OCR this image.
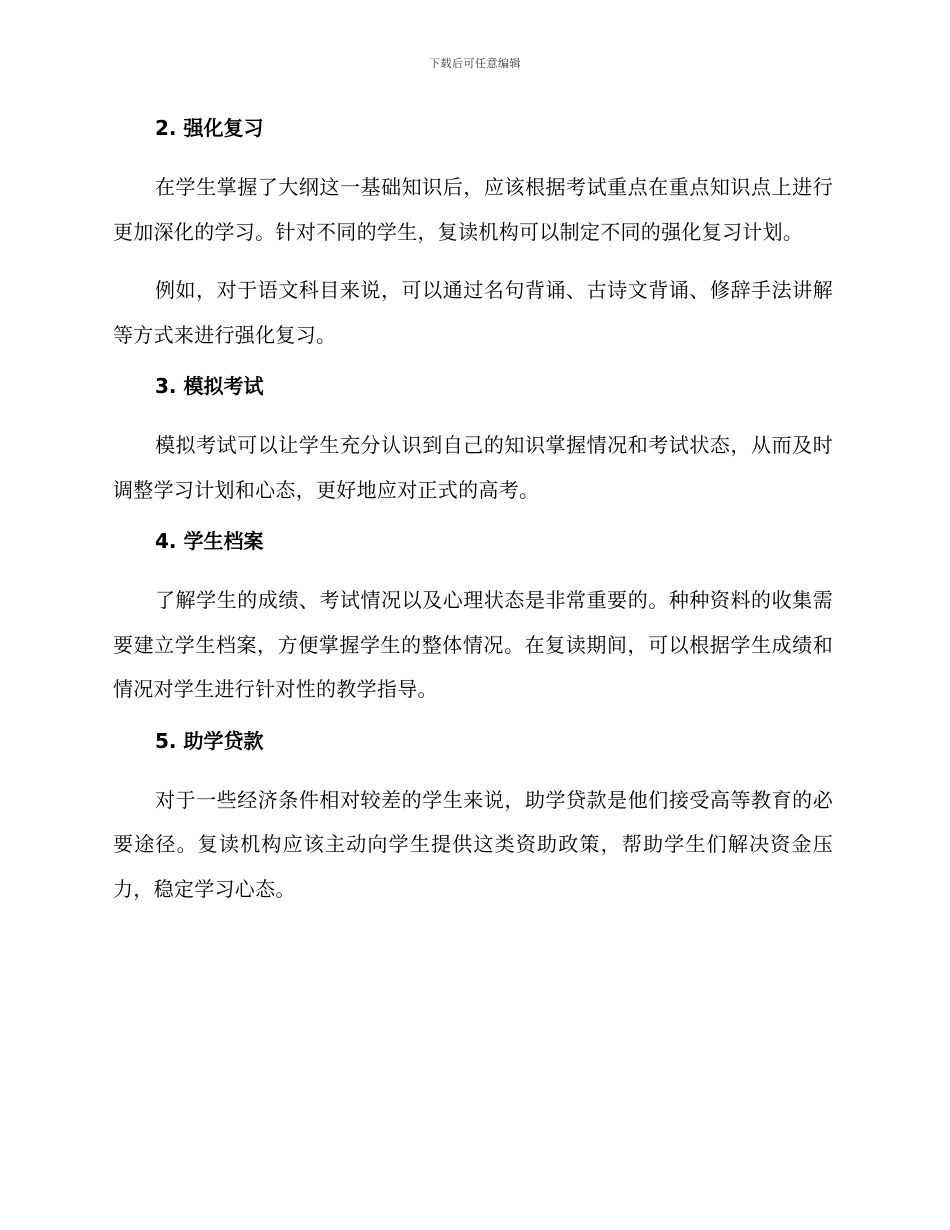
下载后可任意编辑
2. 强化复习

在学生掌握了大纲这一基础知识后，应该根据考试重点在重点知识点上进行更加深化的学习。针对不同的学生，复读机构可以制定不同的强化复习计划。

例如，对于语文科目来说，可以通过名句背诵、古诗文背诵、修辞手法讲解等方式来进行强化复习。

3. 模拟考试

模拟考试可以让学生充分认识到自己的知识掌握情况和考试状态，从而及时调整学习计划和心态，更好地应对正式的高考。

4. 学生档案

了解学生的成绩、考试情况以及心理状态是非常重要的。种种资料的收集需要建立学生档案，方便掌握学生的整体情况。在复读期间，可以根据学生成绩和情况对学生进行针对性的教学指导。

5. 助学贷款

对于一些经济条件相对较差的学生来说，助学贷款是他们接受高等教育的必要途径。复读机构应该主动向学生提供这类资助政策，帮助学生们解决资金压力，稳定学习心态。
